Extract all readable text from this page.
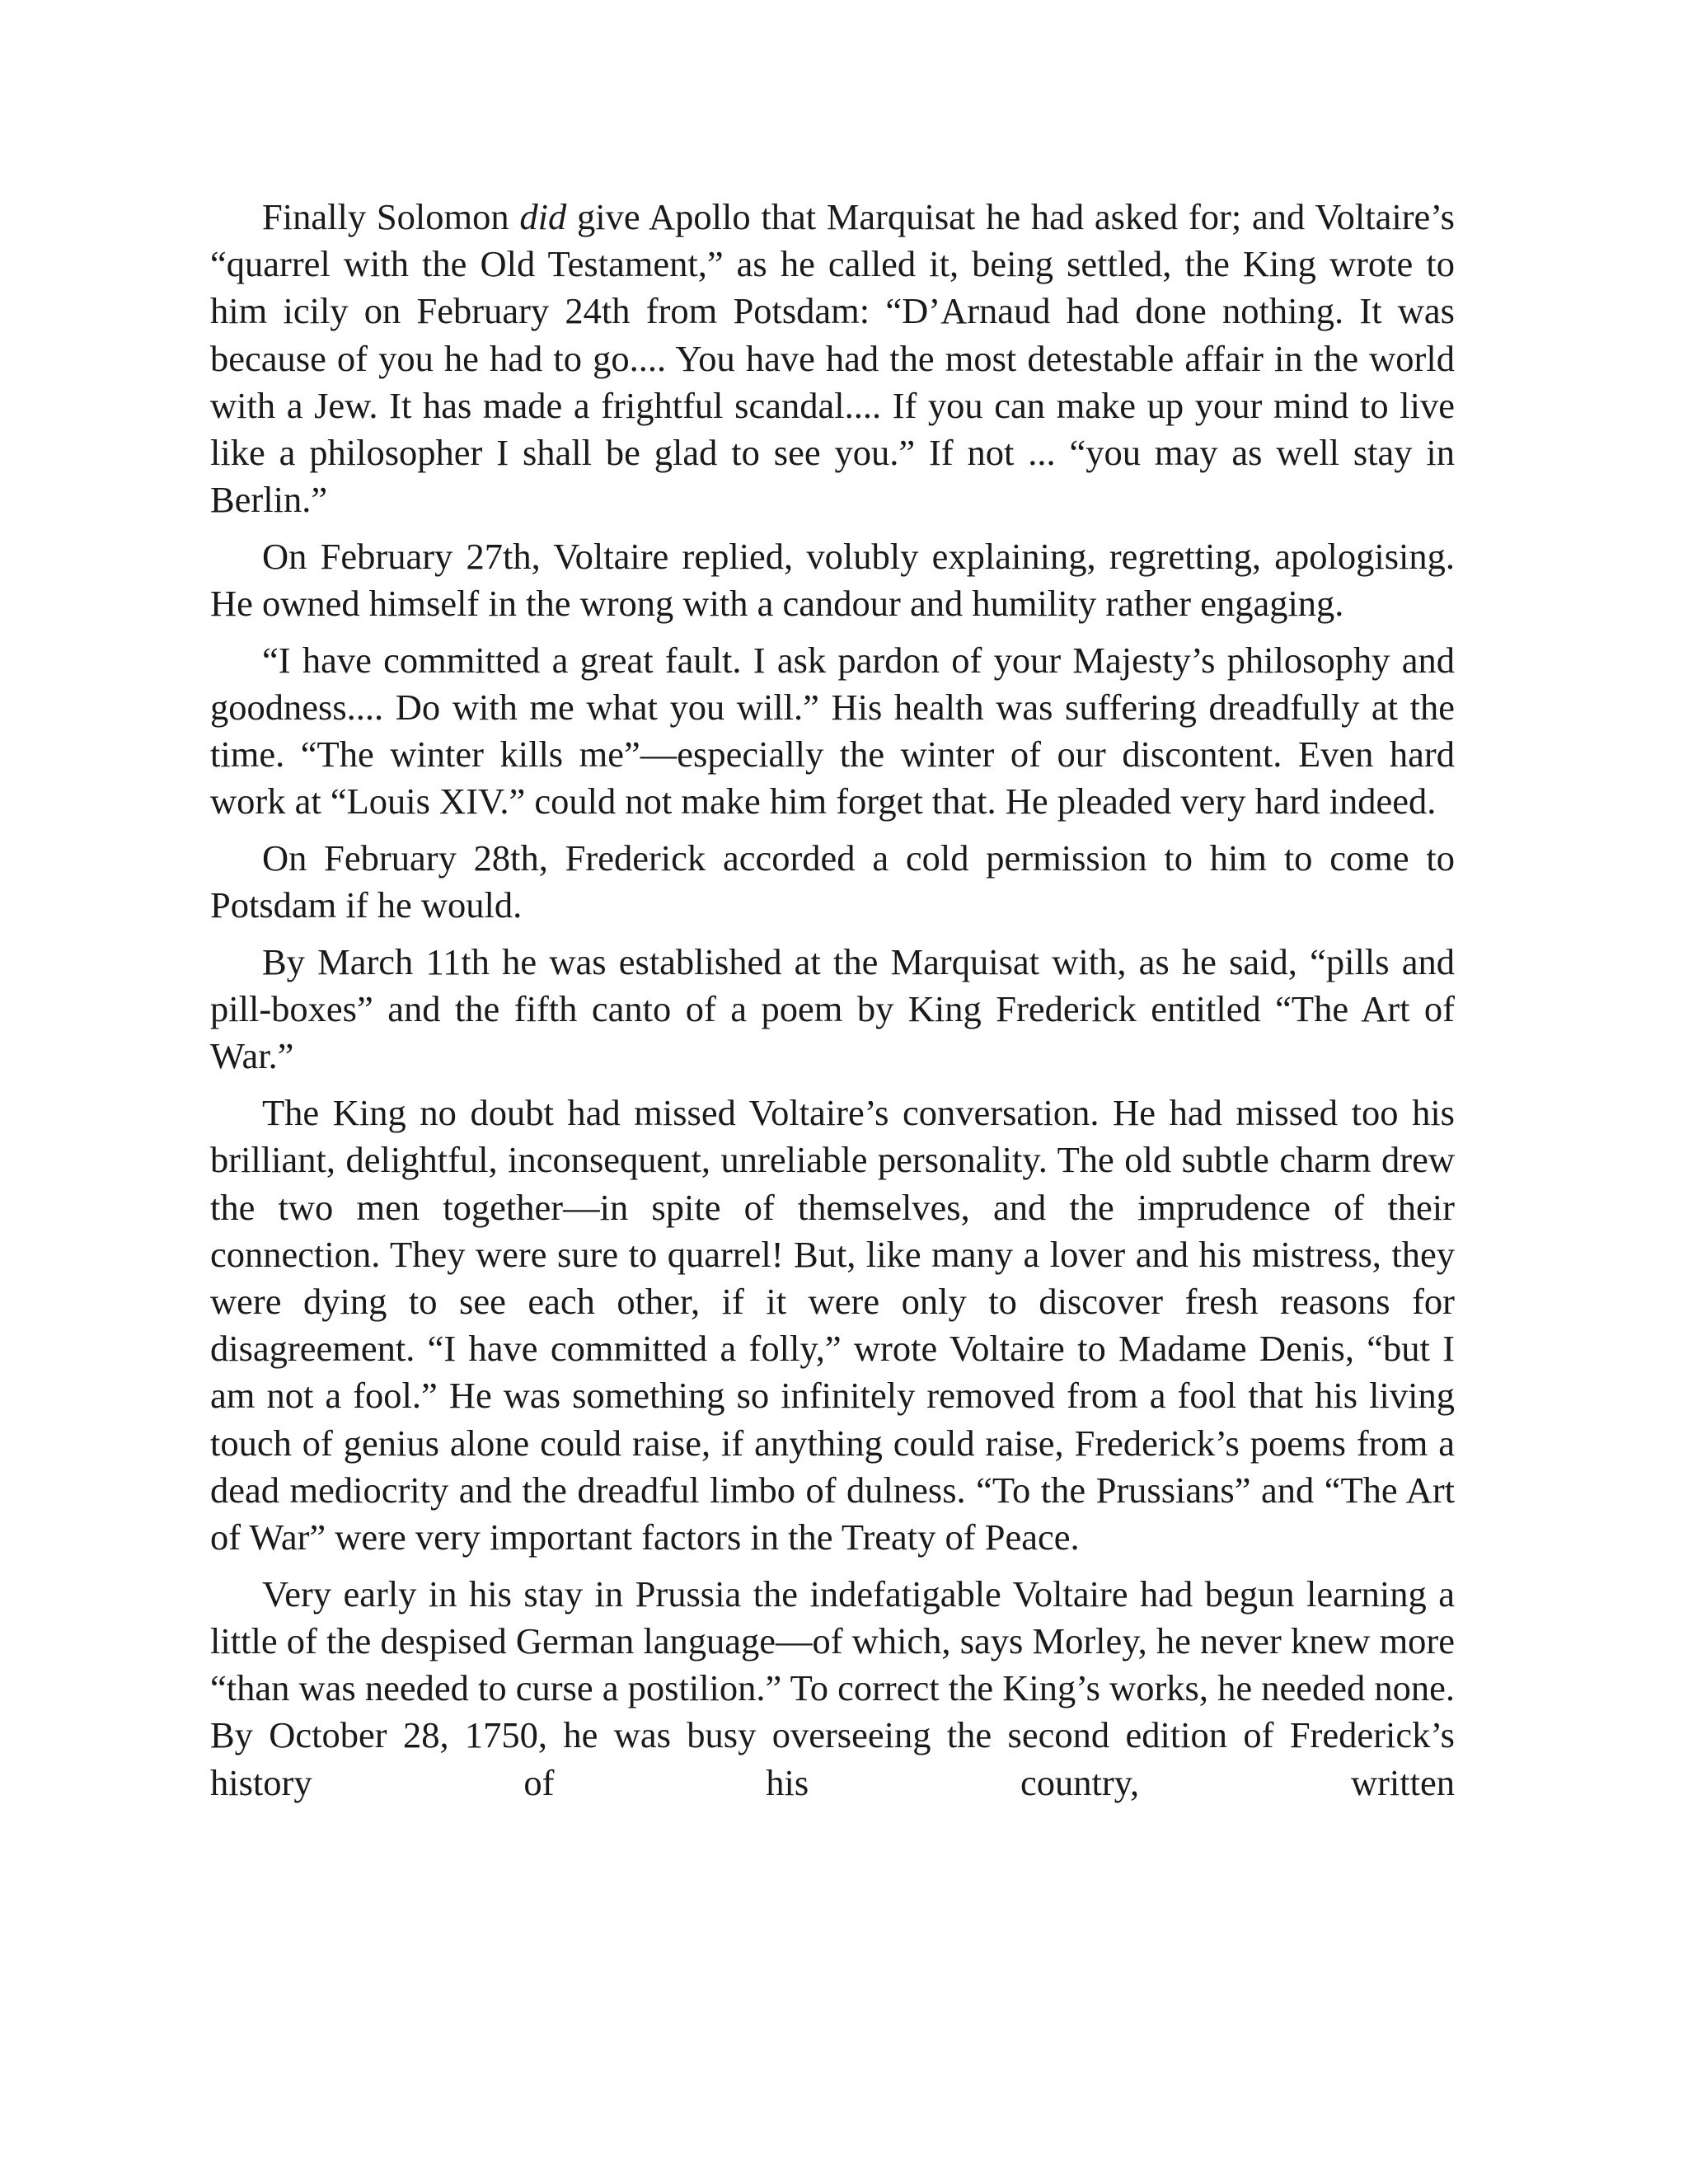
Finally Solomon did give Apollo that Marquisat he had asked for; and Voltaire’s “quarrel with the Old Testament,” as he called it, being settled, the King wrote to him icily on February 24th from Potsdam: “D’Arnaud had done nothing. It was because of you he had to go.... You have had the most detestable affair in the world with a Jew. It has made a frightful scandal.... If you can make up your mind to live like a philosopher I shall be glad to see you.” If not ... “you may as well stay in Berlin.”

On February 27th, Voltaire replied, volubly explaining, regretting, apologising. He owned himself in the wrong with a candour and humility rather engaging.

“I have committed a great fault. I ask pardon of your Majesty’s philosophy and goodness.... Do with me what you will.” His health was suffering dreadfully at the time. “The winter kills me”—especially the winter of our discontent. Even hard work at “Louis XIV.” could not make him forget that. He pleaded very hard indeed.

On February 28th, Frederick accorded a cold permission to him to come to Potsdam if he would.

By March 11th he was established at the Marquisat with, as he said, “pills and pill-boxes” and the fifth canto of a poem by King Frederick entitled “The Art of War.”

The King no doubt had missed Voltaire’s conversation. He had missed too his brilliant, delightful, inconsequent, unreliable personality. The old subtle charm drew the two men together—in spite of themselves, and the imprudence of their connection. They were sure to quarrel! But, like many a lover and his mistress, they were dying to see each other, if it were only to discover fresh reasons for disagreement. “I have committed a folly,” wrote Voltaire to Madame Denis, “but I am not a fool.” He was something so infinitely removed from a fool that his living touch of genius alone could raise, if anything could raise, Frederick’s poems from a dead mediocrity and the dreadful limbo of dulness. “To the Prussians” and “The Art of War” were very important factors in the Treaty of Peace.

Very early in his stay in Prussia the indefatigable Voltaire had begun learning a little of the despised German language—of which, says Morley, he never knew more “than was needed to curse a postilion.” To correct the King’s works, he needed none. By October 28, 1750, he was busy overseeing the second edition of Frederick’s history of his country, written
